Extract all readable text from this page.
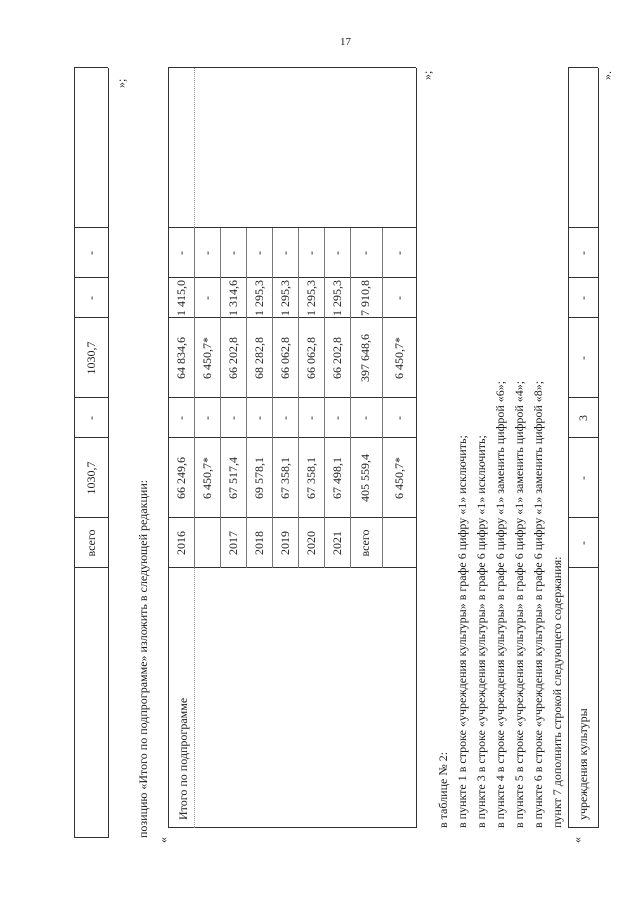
17
всего
1030,7
-
1030,7
-
-
»;
позицию «Итого по подпрограмме» изложить в следующей редакции:
«
Итого по подпрограмме
2016
66 249,6
-
64 834,6
1 415,0
-
6 450,7*
-
6 450,7*
-
-
2017
67 517,4
-
66 202,8
1 314,6
-
2018
69 578,1
-
68 282,8
1 295,3
-
2019
67 358,1
-
66 062,8
1 295,3
-
2020
67 358,1
-
66 062,8
1 295,3
-
2021
67 498,1
-
66 202,8
1 295,3
-
всего
405 559,4
-
397 648,6
7 910,8
-
6 450,7*
-
6 450,7*
-
-
»;
в таблице № 2: в пункте 1 в строке «учреждения культуры» в графе 6 цифру «1» исключить; в пункте 3 в строке «учреждения культуры» в графе 6 цифру «1» исключить; в пункте 4 в строке «учреждения культуры» в графе 6 цифру «1» заменить цифрой «6»; в пункте 5 в строке «учреждения культуры» в графе 6 цифру «1» заменить цифрой «4»; в пункте 6 в строке «учреждения культуры» в графе 6 цифру «1» заменить цифрой «8»; пункт 7 дополнить строкой следующего содержания:
«
учреждения культуры
-
-
3
-
-
-
».
